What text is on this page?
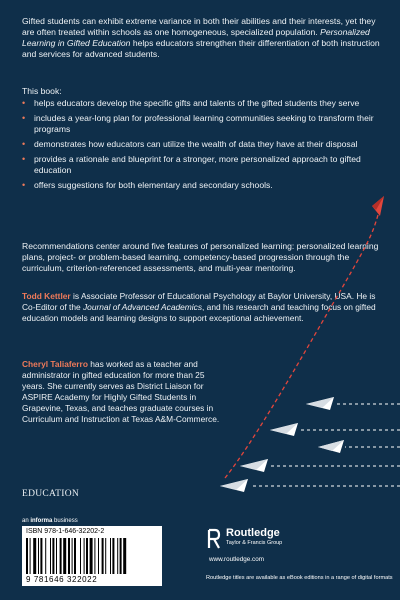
Gifted students can exhibit extreme variance in both their abilities and their interests, yet they are often treated within schools as one homogeneous, specialized population. Personalized Learning in Gifted Education helps educators strengthen their differentiation of both instruction and services for advanced students.

This book:

• helps educators develop the specific gifts and talents of the gifted students they serve
• includes a year-long plan for professional learning communities seeking to transform their programs
• demonstrates how educators can utilize the wealth of data they have at their disposal
• provides a rationale and blueprint for a stronger, more personalized approach to gifted education
• offers suggestions for both elementary and secondary schools.

Recommendations center around five features of personalized learning: personalized learning plans, project- or problem-based learning, competency-based progression through the curriculum, criterion-referenced assessments, and multi-year mentoring.

Todd Kettler is Associate Professor of Educational Psychology at Baylor University, USA. He is Co-Editor of the Journal of Advanced Academics, and his research and teaching focus on gifted education models and learning designs to support exceptional achievement.

Cheryl Taliaferro has worked as a teacher and administrator in gifted education for more than 25 years. She currently serves as District Liaison for ASPIRE Academy for Highly Gifted Students in Grapevine, Texas, and teaches graduate courses in Curriculum and Instruction at Texas A&M-Commerce.

EDUCATION
an informa business
ISBN 978-1-646-32202-2
9 781646 322022
Routledge
Taylor & Francis Group
www.routledge.com
Routledge titles are available as eBook editions in a range of digital formats
